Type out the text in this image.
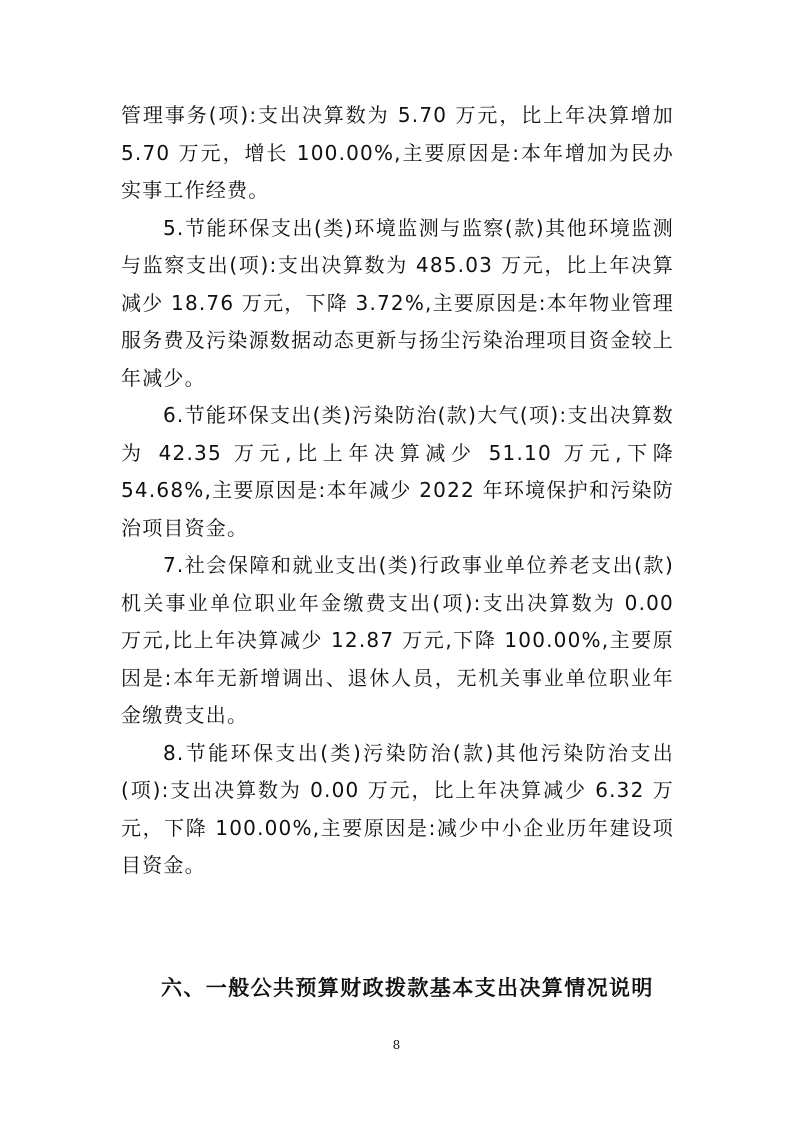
管理事务(项):支出决算数为 5.70 万元，比上年决算增加 5.70 万元，增长 100.00%,主要原因是:本年增加为民办实事工作经费。

5.节能环保支出(类)环境监测与监察(款)其他环境监测与监察支出(项):支出决算数为 485.03 万元，比上年决算减少 18.76 万元，下降 3.72%,主要原因是:本年物业管理服务费及污染源数据动态更新与扬尘污染治理项目资金较上年减少。

6.节能环保支出(类)污染防治(款)大气(项):支出决算数为 42.35 万元,比上年决算减少 51.10 万元,下降 54.68%,主要原因是:本年减少 2022 年环境保护和污染防治项目资金。

7.社会保障和就业支出(类)行政事业单位养老支出(款)机关事业单位职业年金缴费支出(项):支出决算数为 0.00 万元,比上年决算减少 12.87 万元,下降 100.00%,主要原因是:本年无新增调出、退休人员，无机关事业单位职业年金缴费支出。

8.节能环保支出(类)污染防治(款)其他污染防治支出(项):支出决算数为 0.00 万元，比上年决算减少 6.32 万元，下降 100.00%,主要原因是:减少中小企业历年建设项目资金。

六、一般公共预算财政拨款基本支出决算情况说明
8
